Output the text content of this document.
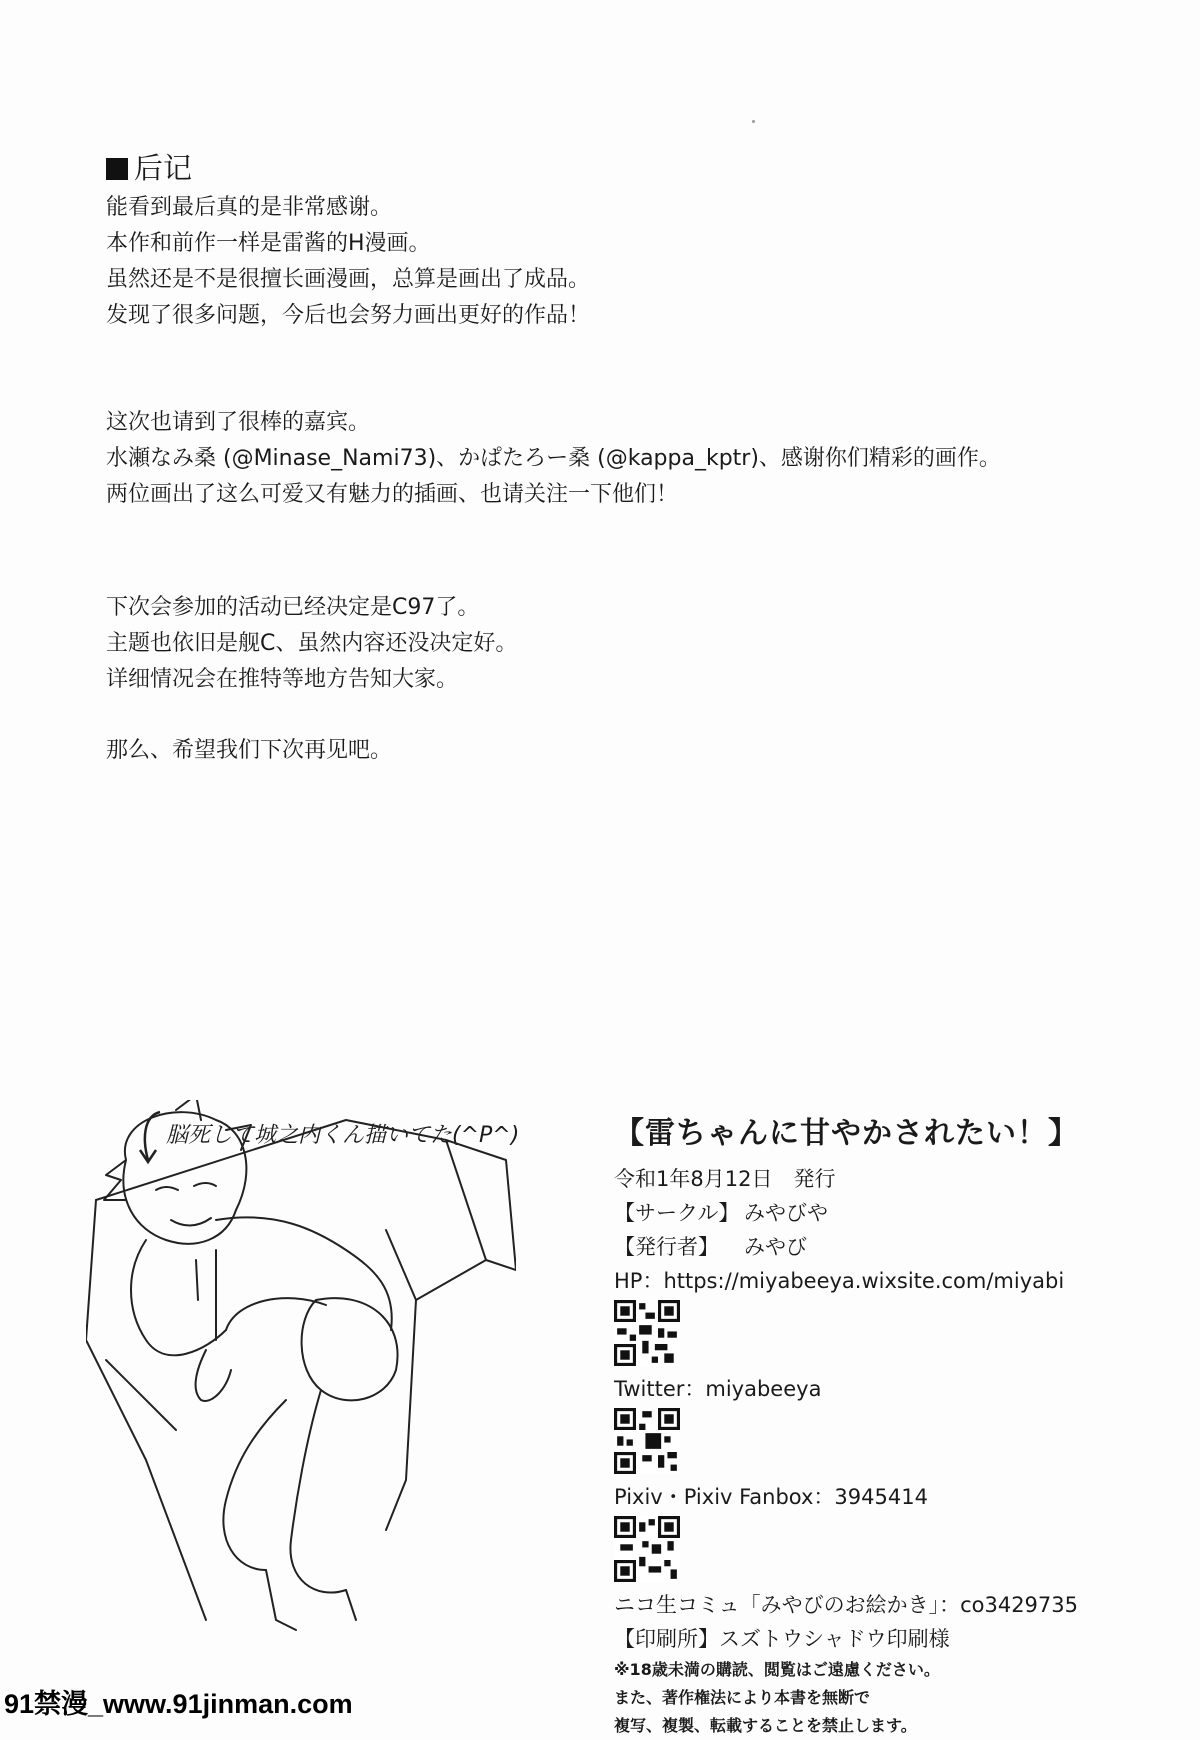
后记
能看到最后真的是非常感谢。
本作和前作一样是雷酱的H漫画。
虽然还是不是很擅长画漫画，总算是画出了成品。
发现了很多问题，今后也会努力画出更好的作品！
这次也请到了很棒的嘉宾。
水瀬なみ桑 (@Minase_Nami73)、かぱたろー桑 (@kappa_kptr)、感谢你们精彩的画作。
两位画出了这么可爱又有魅力的插画、也请关注一下他们！
下次会参加的活动已经决定是C97了。
主题也依旧是舰C、虽然内容还没决定好。
详细情况会在推特等地方告知大家。
那么、希望我们下次再见吧。
脳死して城之内くん描いてた(^P^)	【雷ちゃんに甘やかされたい！】
令和1年8月12日　発行
【サークル】 みやびや
【発行者】 みやび
HP：https://miyabeeya.wixsite.com/miyabi
Twitter：miyabeeya
Pixiv・Pixiv Fanbox：3945414
ニコ生コミュ「みやびのお絵かき」：co3429735
【印刷所】スズトウシャドウ印刷様
※18歳未満の購読、閲覧はご遠慮ください。
また、著作権法により本書を無断で
複写、複製、転載することを禁止します。
91禁漫_www.91jinman.com
